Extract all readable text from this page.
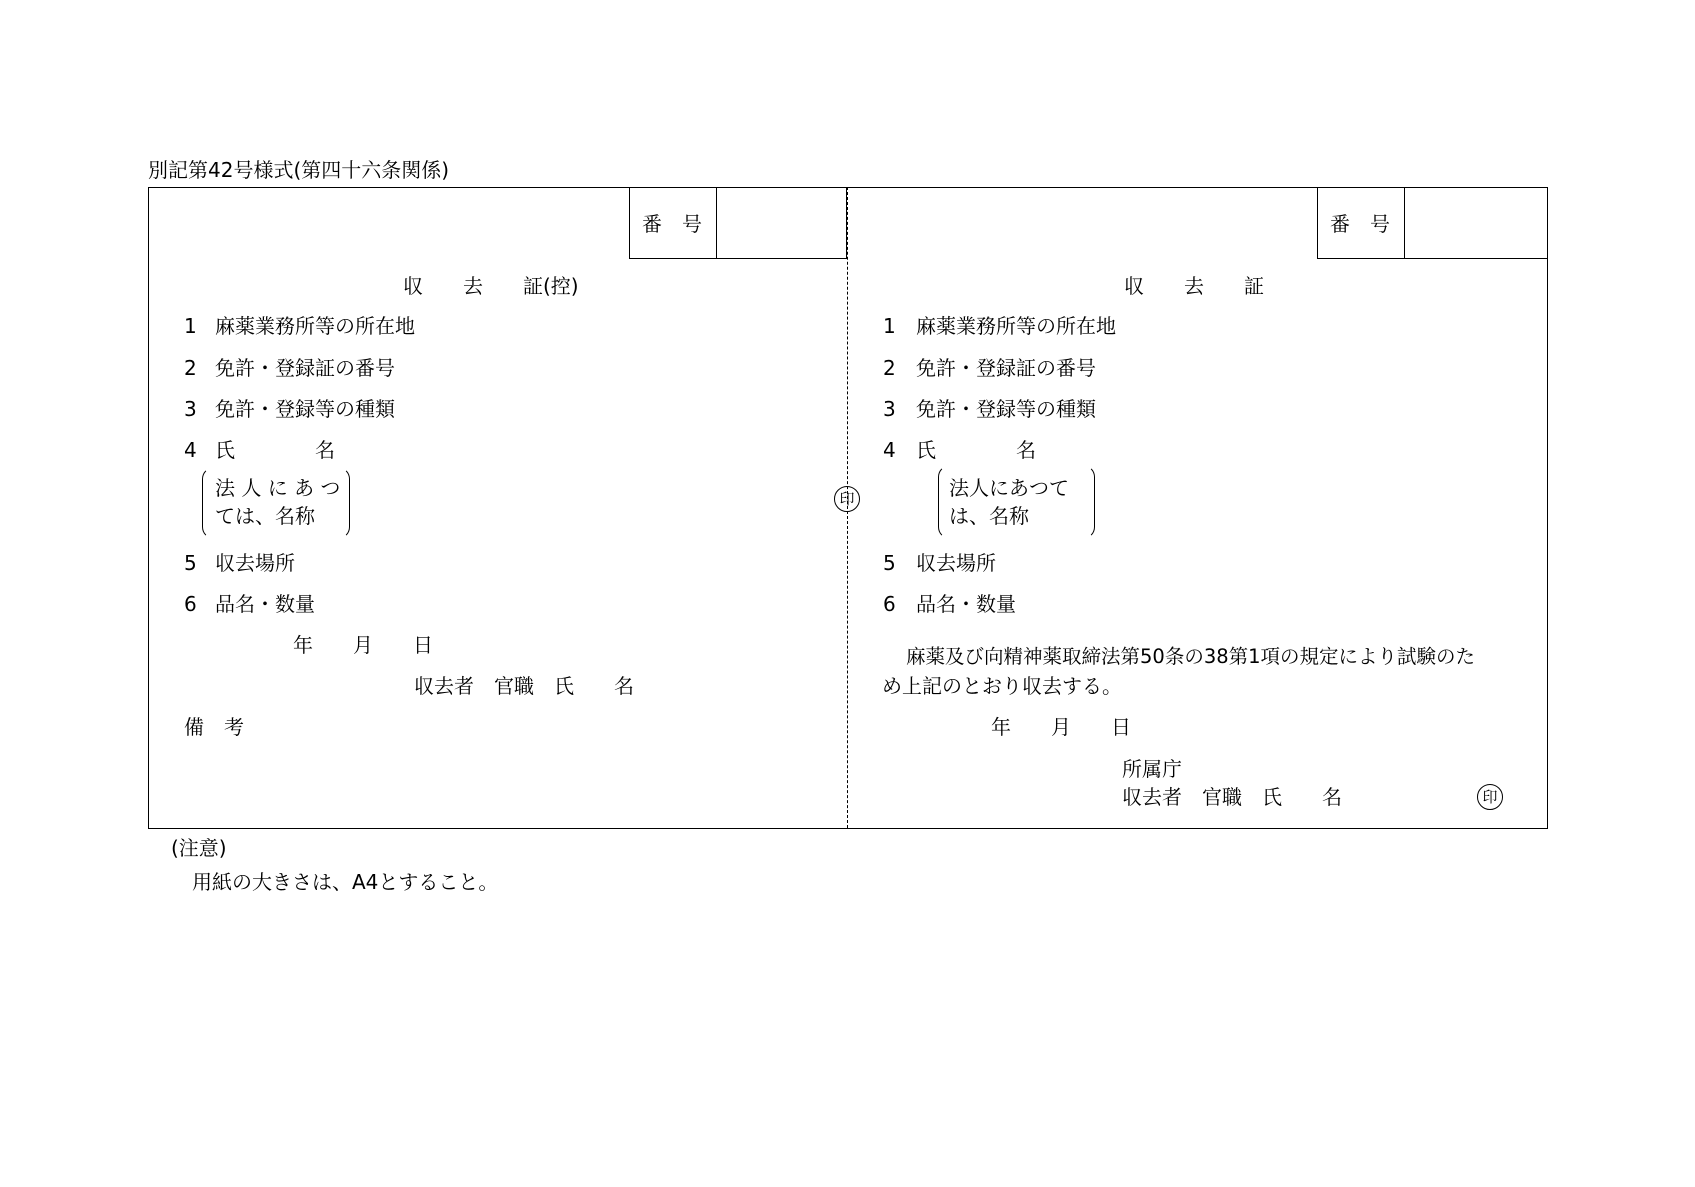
別記第42号様式(第四十六条関係)
番　号	番　号
収　　去　　証(控)
1 麻薬業務所等の所在地
2 免許・登録証の番号
3 免許・登録等の種類
4 氏　　　　名
法 人 に あ つ
ては、名称
5 収去場所
6 品名・数量
年　　月　　日
収去者　官職　氏　　名
備　考
印
収　　去　　証
1 麻薬業務所等の所在地
2 免許・登録証の番号
3 免許・登録等の種類
4 氏　　　　名
法人にあつて
は、名称
5 収去場所
6 品名・数量
麻薬及び向精神薬取締法第50条の38第1項の規定により試験のた
め上記のとおり収去する。
年　　月　　日
所属庁
収去者　官職　氏　　名	印
(注意)
用紙の大きさは、A4とすること。
